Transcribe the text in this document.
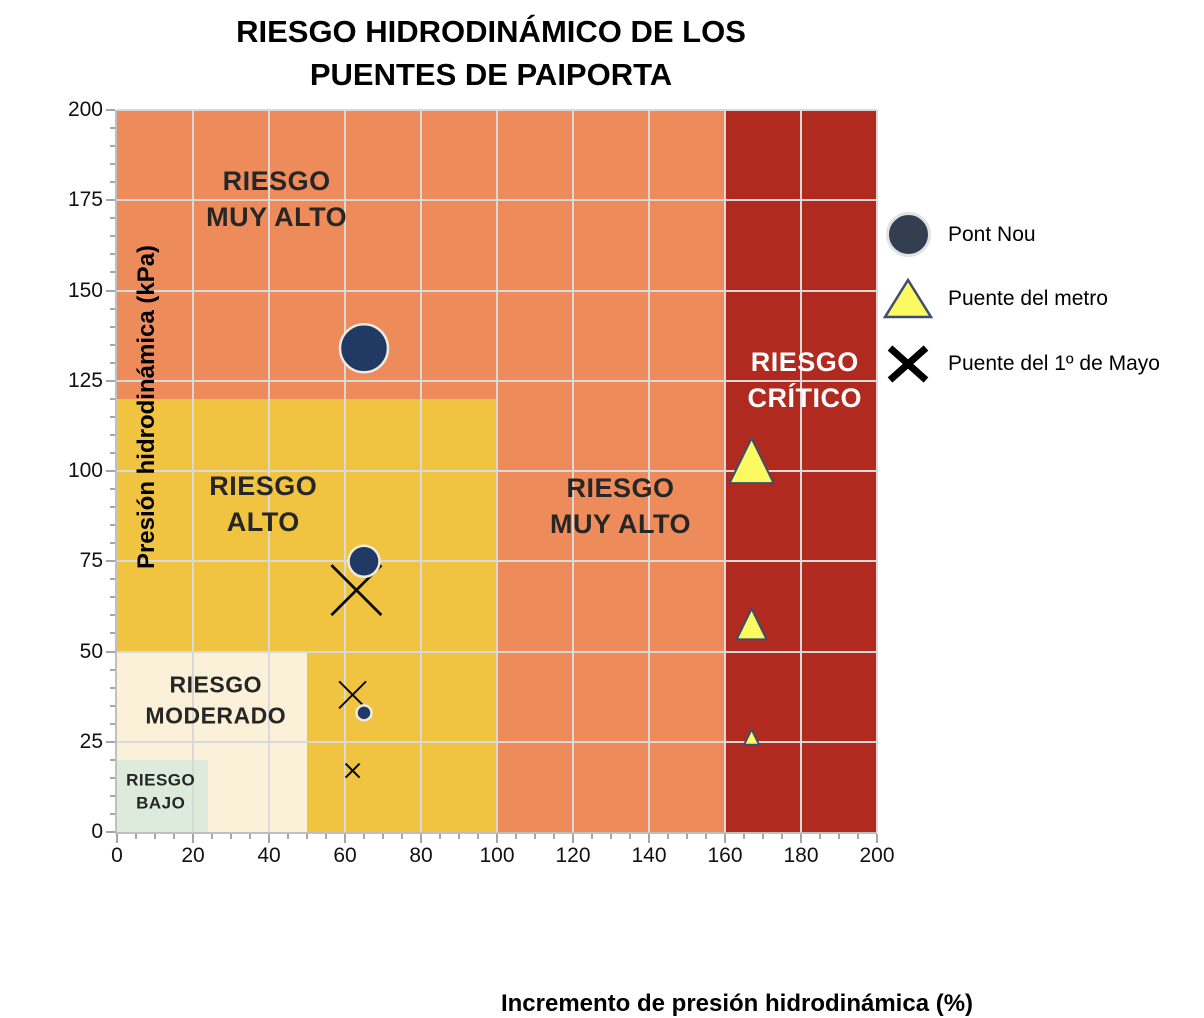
RIESGO HIDRODINÁMICO DE LOS
PUENTES DE PAIPORTA
RIESGO
MUY ALTO
RIESGO
ALTO
RIESGO
MUY ALTO
RIESGO
CRÍTICO
RIESGO
MODERADO
RIESGO
BAJO
0	20	40	60	80	100	120	140	160	180	200
0
25
50
75
100
125
150
175
200
Incremento de presión hidrodinámica (%)
Presión hidrodinámica (kPa)
Pont Nou
Puente del metro
Puente del 1º de Mayo
